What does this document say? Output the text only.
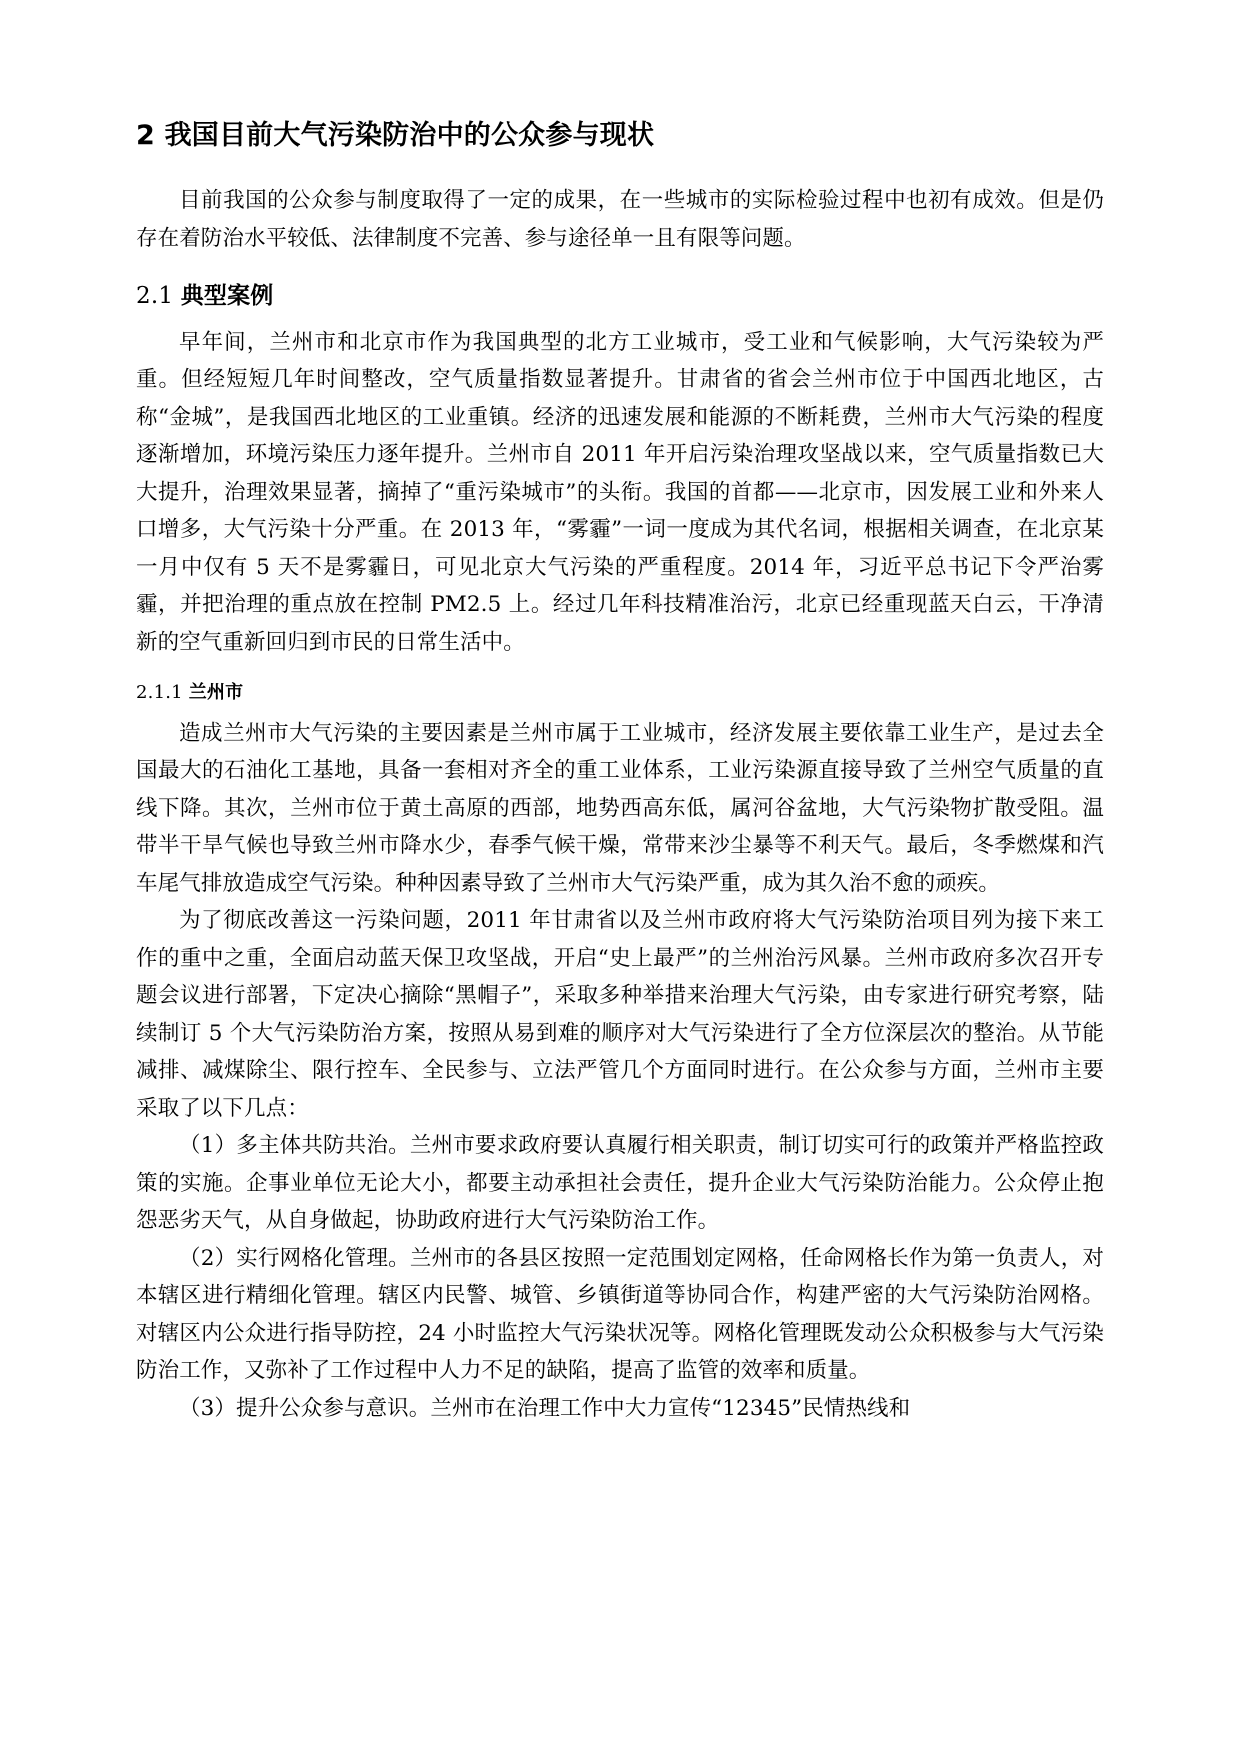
2 我国目前大气污染防治中的公众参与现状

目前我国的公众参与制度取得了一定的成果，在一些城市的实际检验过程中也初有成效。但是仍存在着防治水平较低、法律制度不完善、参与途径单一且有限等问题。

2.1 典型案例

早年间，兰州市和北京市作为我国典型的北方工业城市，受工业和气候影响，大气污染较为严重。但经短短几年时间整改，空气质量指数显著提升。甘肃省的省会兰州市位于中国西北地区，古称“金城”，是我国西北地区的工业重镇。经济的迅速发展和能源的不断耗费，兰州市大气污染的程度逐渐增加，环境污染压力逐年提升。兰州市自 2011 年开启污染治理攻坚战以来，空气质量指数已大大提升，治理效果显著，摘掉了“重污染城市”的头衔。我国的首都——北京市，因发展工业和外来人口增多，大气污染十分严重。在 2013 年，“雾霾”一词一度成为其代名词，根据相关调查，在北京某一月中仅有 5 天不是雾霾日，可见北京大气污染的严重程度。2014 年，习近平总书记下令严治雾霾，并把治理的重点放在控制 PM2.5 上。经过几年科技精准治污，北京已经重现蓝天白云，干净清新的空气重新回归到市民的日常生活中。

2.1.1 兰州市

造成兰州市大气污染的主要因素是兰州市属于工业城市，经济发展主要依靠工业生产，是过去全国最大的石油化工基地，具备一套相对齐全的重工业体系，工业污染源直接导致了兰州空气质量的直线下降。其次，兰州市位于黄土高原的西部，地势西高东低，属河谷盆地，大气污染物扩散受阻。温带半干旱气候也导致兰州市降水少，春季气候干燥，常带来沙尘暴等不利天气。最后，冬季燃煤和汽车尾气排放造成空气污染。种种因素导致了兰州市大气污染严重，成为其久治不愈的顽疾。

为了彻底改善这一污染问题，2011 年甘肃省以及兰州市政府将大气污染防治项目列为接下来工作的重中之重，全面启动蓝天保卫攻坚战，开启“史上最严”的兰州治污风暴。兰州市政府多次召开专题会议进行部署，下定决心摘除“黑帽子”，采取多种举措来治理大气污染，由专家进行研究考察，陆续制订 5 个大气污染防治方案，按照从易到难的顺序对大气污染进行了全方位深层次的整治。从节能减排、减煤除尘、限行控车、全民参与、立法严管几个方面同时进行。在公众参与方面，兰州市主要采取了以下几点：

（1）多主体共防共治。兰州市要求政府要认真履行相关职责，制订切实可行的政策并严格监控政策的实施。企事业单位无论大小，都要主动承担社会责任，提升企业大气污染防治能力。公众停止抱怨恶劣天气，从自身做起，协助政府进行大气污染防治工作。

（2）实行网格化管理。兰州市的各县区按照一定范围划定网格，任命网格长作为第一负责人，对本辖区进行精细化管理。辖区内民警、城管、乡镇街道等协同合作，构建严密的大气污染防治网格。对辖区内公众进行指导防控，24 小时监控大气污染状况等。网格化管理既发动公众积极参与大气污染防治工作，又弥补了工作过程中人力不足的缺陷，提高了监管的效率和质量。

（3）提升公众参与意识。兰州市在治理工作中大力宣传“12345”民情热线和
